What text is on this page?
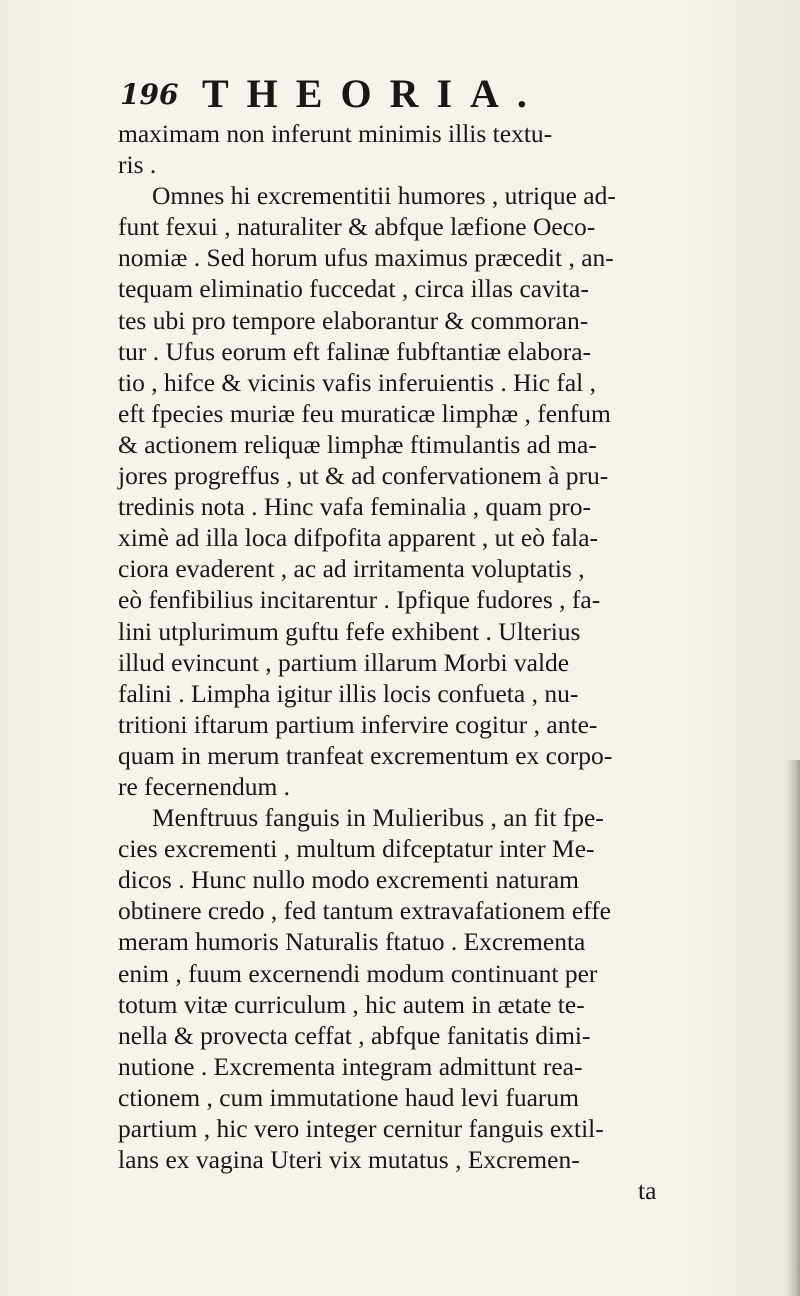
196 THEORIA.
maximam non inferunt minimis illis textu-
ris .
Omnes hi excrementitii humores , utrique ad-
funt fexui , naturaliter & abfque læfione Oeco-
nomiæ . Sed horum ufus maximus præcedit , an-
tequam eliminatio fuccedat , circa illas cavita-
tes ubi pro tempore elaborantur & commoran-
tur . Ufus eorum eft falinæ fubftantiæ elabora-
tio , hifce & vicinis vafis inferuientis . Hic fal ,
eft fpecies muriæ feu muraticæ limphæ , fenfum
& actionem reliquæ limphæ ftimulantis ad ma-
jores progreffus , ut & ad confervationem à pru-
tredinis nota . Hinc vafa feminalia , quam pro-
ximè ad illa loca difpofita apparent , ut eò fala-
ciora evaderent , ac ad irritamenta voluptatis ,
eò fenfibilius incitarentur . Ipfique fudores , fa-
lini utplurimum guftu fefe exhibent . Ulterius
illud evincunt , partium illarum Morbi valde
falini . Limpha igitur illis locis confueta , nu-
tritioni iftarum partium infervire cogitur , ante-
quam in merum tranfeat excrementum ex corpo-
re fecernendum .
Menftruus fanguis in Mulieribus , an fit fpe-
cies excrementi , multum difceptatur inter Me-
dicos . Hunc nullo modo excrementi naturam
obtinere credo , fed tantum extravafationem effe
meram humoris Naturalis ftatuo . Excrementa
enim , fuum excernendi modum continuant per
totum vitæ curriculum , hic autem in ætate te-
nella & provecta ceffat , abfque fanitatis dimi-
nutione . Excrementa integram admittunt rea-
ctionem , cum immutatione haud levi fuarum
partium , hic vero integer cernitur fanguis extil-
lans ex vagina Uteri vix mutatus , Excremen-
ta
